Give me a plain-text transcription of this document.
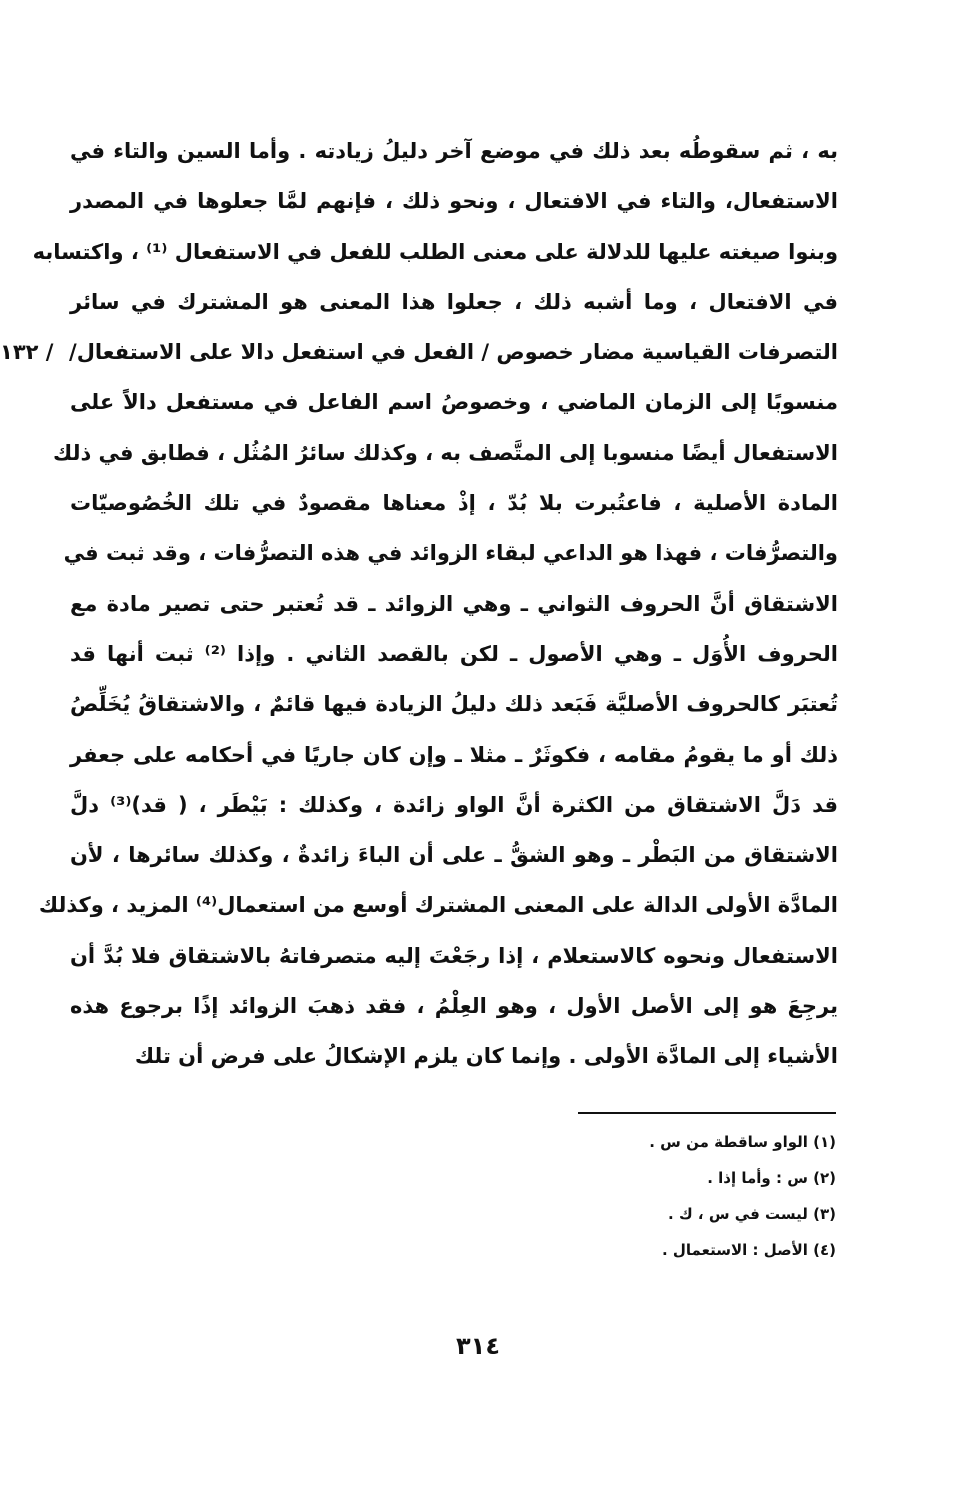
به ، ثم سقوطُه بعد ذلك في موضع آخر دليلُ زيادته . وأما السين والتاء في
الاستفعال، والتاء في الافتعال ، ونحو ذلك ، فإنهم لمَّا جعلوها في المصدر
وبنوا صيغته عليها للدلالة على معنى الطلب للفعل في الاستفعال ⁽¹⁾ ، واكتسابه
في الافتعال ، وما أشبه ذلك ، جعلوا هذا المعنى هو المشترك في سائر
التصرفات القياسية مضار خصوص / الفعل في استفعل دالا على الاستفعال/
منسوبًا إلى الزمان الماضي ، وخصوصُ اسم الفاعل في مستفعل دالاً على
الاستفعال أيضًا منسوبا إلى المتَّصف به ، وكذلك سائرُ المُثُل ، فطابق في ذلك
المادة الأصلية ، فاعتُبرت بلا بُدّ ، إذْ معناها مقصودٌ في تلك الخُصُوصيّات
والتصرُّفات ، فهذا هو الداعي لبقاء الزوائد في هذه التصرُّفات ، وقد ثبت في
الاشتقاق أنَّ الحروف الثواني ـ وهي الزوائد ـ قد تُعتبر حتى تصير مادة مع
الحروف الأُوَل ـ وهي الأصول ـ لكن بالقصد الثاني . وإذا ⁽²⁾ ثبت أنها قد
تُعتبَر كالحروف الأصليَّة فَبَعد ذلك دليلُ الزيادة فيها قائمٌ ، والاشتقاقُ يُخَلِّصُ
ذلك أو ما يقومُ مقامه ، فكوثَرٌ ـ مثلا ـ وإن كان جاريًا في أحكامه على جعفر
قد دَلَّ الاشتقاق من الكثرة أنَّ الواو زائدة ، وكذلك : بَيْطَر ، ( قد)⁽³⁾ دلَّ
الاشتقاق من البَطْر ـ وهو الشقُّ ـ على أن الباءَ زائدةٌ ، وكذلك سائرها ، لأن
المادَّة الأولى الدالة على المعنى المشترك أوسع من استعمال⁽⁴⁾ المزيد ، وكذلك
الاستفعال ونحوه كالاستعلام ، إذا رجَعْتَ إليه متصرفاتهُ بالاشتقاق فلا بُدَّ أن
يرجِعَ هو إلى الأصل الأول ، وهو العِلْمُ ، فقد ذهبَ الزوائد إذًا برجوع هذه
الأشياء إلى المادَّة الأولى . وإنما كان يلزم الإشكالُ على فرض أن تلك
/ ١٣٢
(١) الواو ساقطة من س .
(٢) س : وأما إذا .
(٣) ليست في س ، ك .
(٤) الأصل : الاستعمال .
٣١٤
